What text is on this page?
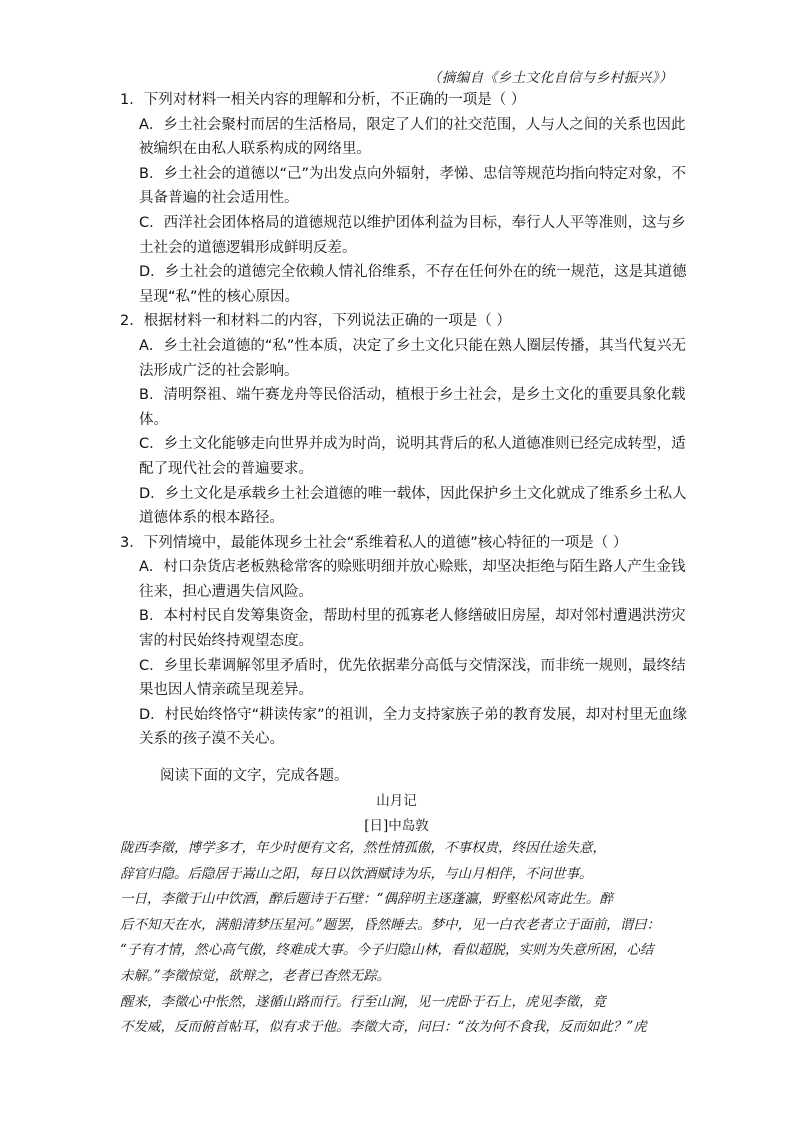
（摘编自《乡土文化自信与乡村振兴》）

1．下列对材料一相关内容的理解和分析，不正确的一项是（ ）

A．乡土社会聚村而居的生活格局，限定了人们的社交范围，人与人之间的关系也因此
被编织在由私人联系构成的网络里。
B．乡土社会的道德以“己”为出发点向外辐射，孝悌、忠信等规范均指向特定对象，不
具备普遍的社会适用性。
C．西洋社会团体格局的道德规范以维护团体利益为目标，奉行人人平等准则，这与乡
土社会的道德逻辑形成鲜明反差。
D．乡土社会的道德完全依赖人情礼俗维系，不存在任何外在的统一规范，这是其道德
呈现“私”性的核心原因。

2．根据材料一和材料二的内容，下列说法正确的一项是（ ）

A．乡土社会道德的“私”性本质，决定了乡土文化只能在熟人圈层传播，其当代复兴无
法形成广泛的社会影响。
B．清明祭祖、端午赛龙舟等民俗活动，植根于乡土社会，是乡土文化的重要具象化载
体。
C．乡土文化能够走向世界并成为时尚，说明其背后的私人道德准则已经完成转型，适
配了现代社会的普遍要求。
D．乡土文化是承载乡土社会道德的唯一载体，因此保护乡土文化就成了维系乡土私人
道德体系的根本路径。

3．下列情境中，最能体现乡土社会“系维着私人的道德”核心特征的一项是（ ）

A．村口杂货店老板熟稔常客的赊账明细并放心赊账，却坚决拒绝与陌生路人产生金钱
往来，担心遭遇失信风险。
B．本村村民自发筹集资金，帮助村里的孤寡老人修缮破旧房屋，却对邻村遭遇洪涝灾
害的村民始终持观望态度。
C．乡里长辈调解邻里矛盾时，优先依据辈分高低与交情深浅，而非统一规则，最终结
果也因人情亲疏呈现差异。
D．村民始终恪守“耕读传家”的祖训，全力支持家族子弟的教育发展，却对村里无血缘
关系的孩子漠不关心。
阅读下面的文字，完成各题。
山月记
[日]中岛敦
陇西李徵，博学多才，年少时便有文名，然性情孤傲，不事权贵，终因仕途失意，
辞官归隐。后隐居于嵩山之阳，每日以饮酒赋诗为乐，与山月相伴，不问世事。
一日，李徵于山中饮酒，醉后题诗于石壁：“偶辞明主逐蓬瀛，野壑松风寄此生。醉
后不知天在水，满船清梦压星河。”题罢，昏然睡去。梦中，见一白衣老者立于面前，谓曰：
“子有才情，然心高气傲，终难成大事。今子归隐山林，看似超脱，实则为失意所困，心结
未解。”李徵惊觉，欲辩之，老者已杳然无踪。
醒来，李徵心中怅然，遂循山路而行。行至山涧，见一虎卧于石上，虎见李徵，竟
不发威，反而俯首帖耳，似有求于他。李徵大奇，问曰：“汝为何不食我，反而如此？”虎
